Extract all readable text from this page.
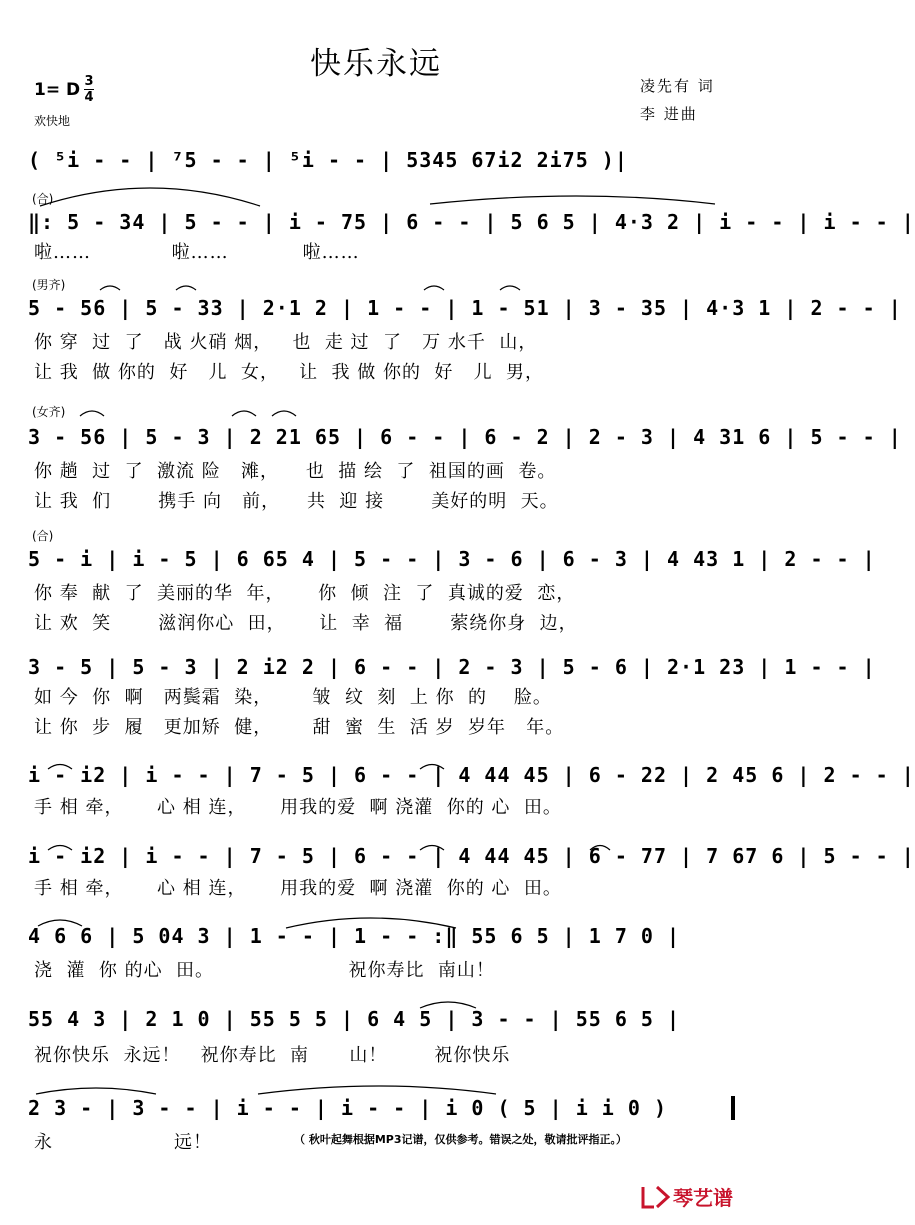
快乐永远
1= D 3
4
欢快地
凌先有 词
李 进曲
( ⁵i - - | ⁷5 - - | ⁵i - - | 5345 67i2 2i75 )|
(合)
‖: 5 - 34 | 5 - - | i - 75 | 6 - - | 5 6 5 | 4·3 2 | i - - | i - - |
啦……            啦……           啦……
(男齐)
5 - 56 | 5 - 33 | 2·1 2 | 1 - - | 1 - 51 | 3 - 35 | 4·3 1 | 2 - - |
你 穿  过  了   战 火硝 烟，   也  走 过  了   万 水千  山，
让 我  做 你的  好   儿  女，   让  我 做 你的  好   儿  男，
(女齐)
3 - 56 | 5 - 3 | 2 21 65 | 6 - - | 6 - 2 | 2 - 3 | 4 31 6 | 5 - - |
你 趟  过  了  激流 险   滩，    也  描 绘  了  祖国的画  卷。
让 我  们       携手 向   前，    共  迎 接       美好的明  天。
(合)
5 - i | i - 5 | 6 65 4 | 5 - - | 3 - 6 | 6 - 3 | 4 43 1 | 2 - - |
你 奉  献  了  美丽的华  年，     你  倾  注  了  真诚的爱  恋，
让 欢  笑       滋润你心  田，     让  幸  福       萦绕你身  边，
3 - 5 | 5 - 3 | 2 i2 2 | 6 - - | 2 - 3 | 5 - 6 | 2·1 23 | 1 - - |
如 今  你  啊   两鬓霜  染，      皱  纹  刻  上 你  的    脸。
让 你  步  履   更加矫  健，      甜  蜜  生  活 岁  岁年   年。
i - i2 | i - - | 7 - 5 | 6 - - | 4 44 45 | 6 - 22 | 2 45 6 | 2 - - |
手 相 牵，     心 相 连，     用我的爱  啊 浇灌  你的 心  田。
i - i2 | i - - | 7 - 5 | 6 - - | 4 44 45 | 6 - 77 | 7 67 6 | 5 - - |
手 相 牵，     心 相 连，     用我的爱  啊 浇灌  你的 心  田。
4 6 6 | 5 04 3 | 1 - - | 1 - - :‖ 55 6 5 | 1 7 0 |
浇  灌  你 的心  田。                    祝你寿比  南山！
55 4 3 | 2 1 0 | 55 5 5 | 6 4 5 | 3 - - | 55 6 5 |
祝你快乐  永远！   祝你寿比  南      山！       祝你快乐
2 3 - | 3 - - | i - - | i - - | i 0 ( 5 | i i 0 )
永                  远！	（ 秋叶起舞根据MP3记谱，仅供参考。错误之处，敬请批评指正。）
琴艺谱
